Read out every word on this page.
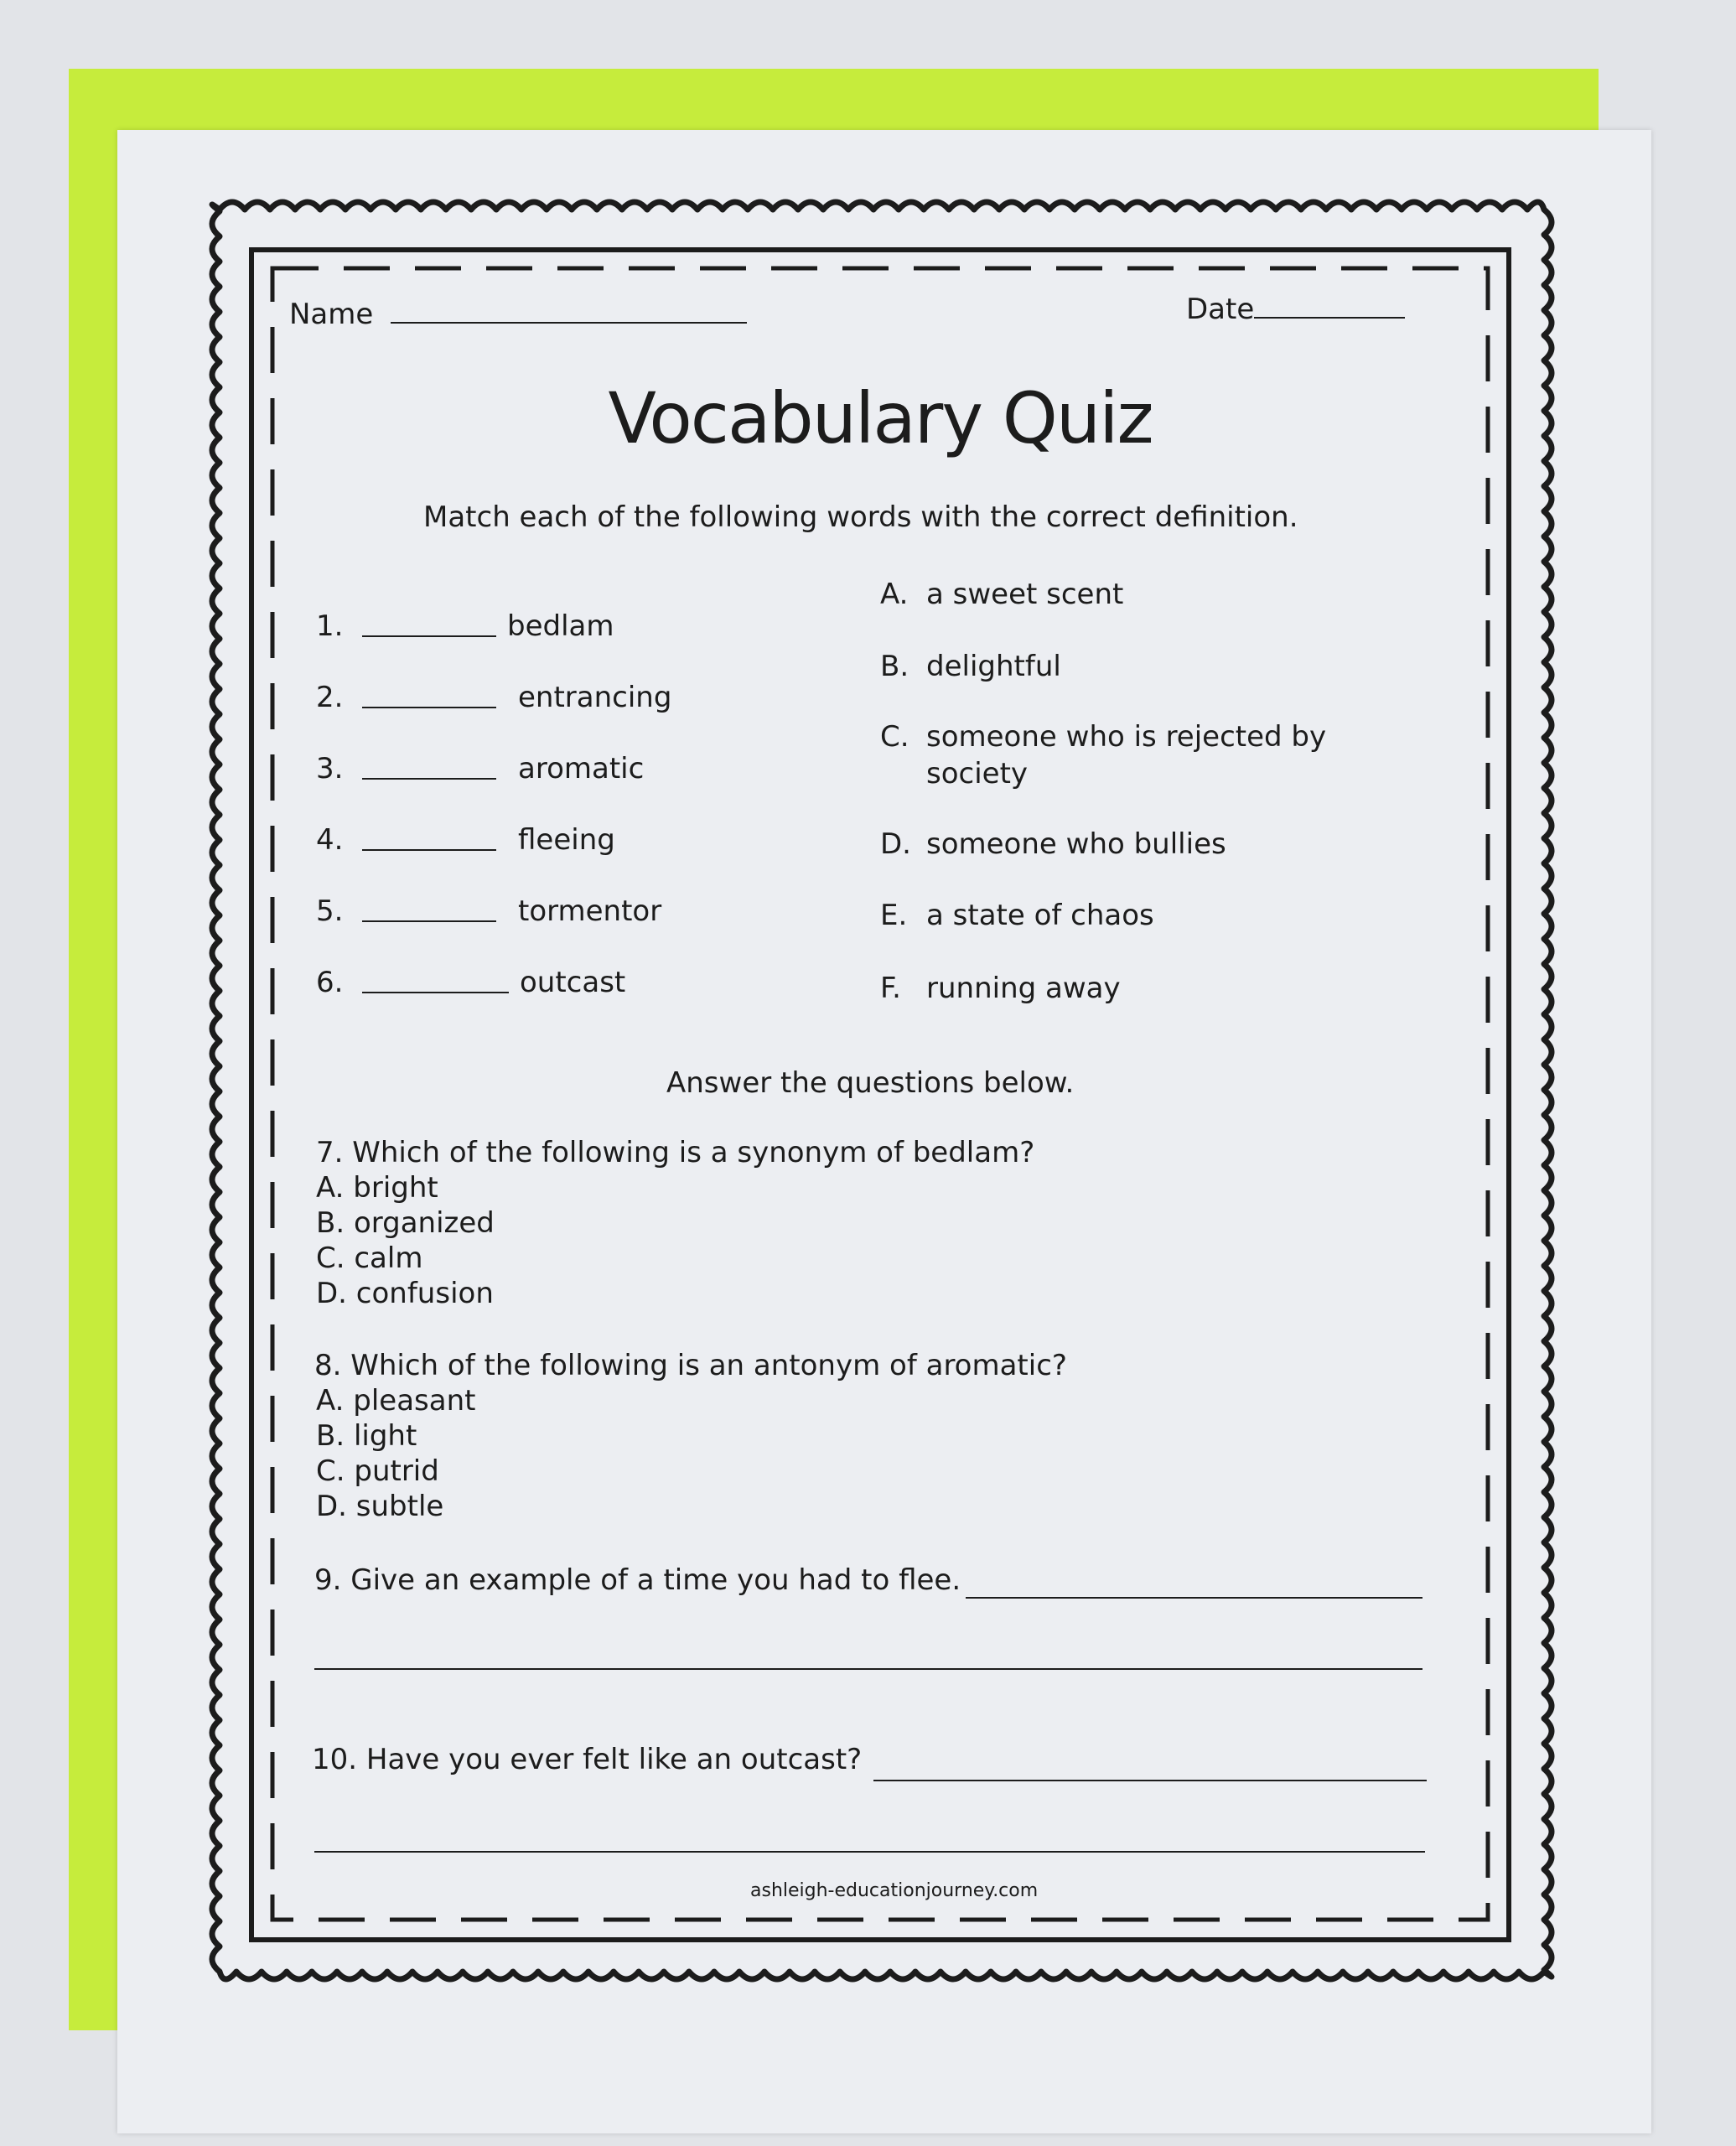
Name	Date
Vocabulary Quiz
Match each of the following words with the correct definition.
1.	bedlam
2.	entrancing
3.	aromatic
4.	fleeing
5.	tormentor
6.	outcast
A. a sweet scent
B. delightful
C. someone who is rejected by
society
D. someone who bullies
E. a state of chaos
F. running away
Answer the questions below.
7. Which of the following is a synonym of bedlam?
A. bright
B. organized
C. calm
D. confusion
8. Which of the following is an antonym of aromatic?
A. pleasant
B. light
C. putrid
D. subtle
9. Give an example of a time you had to flee.
10. Have you ever felt like an outcast?
ashleigh-educationjourney.com
